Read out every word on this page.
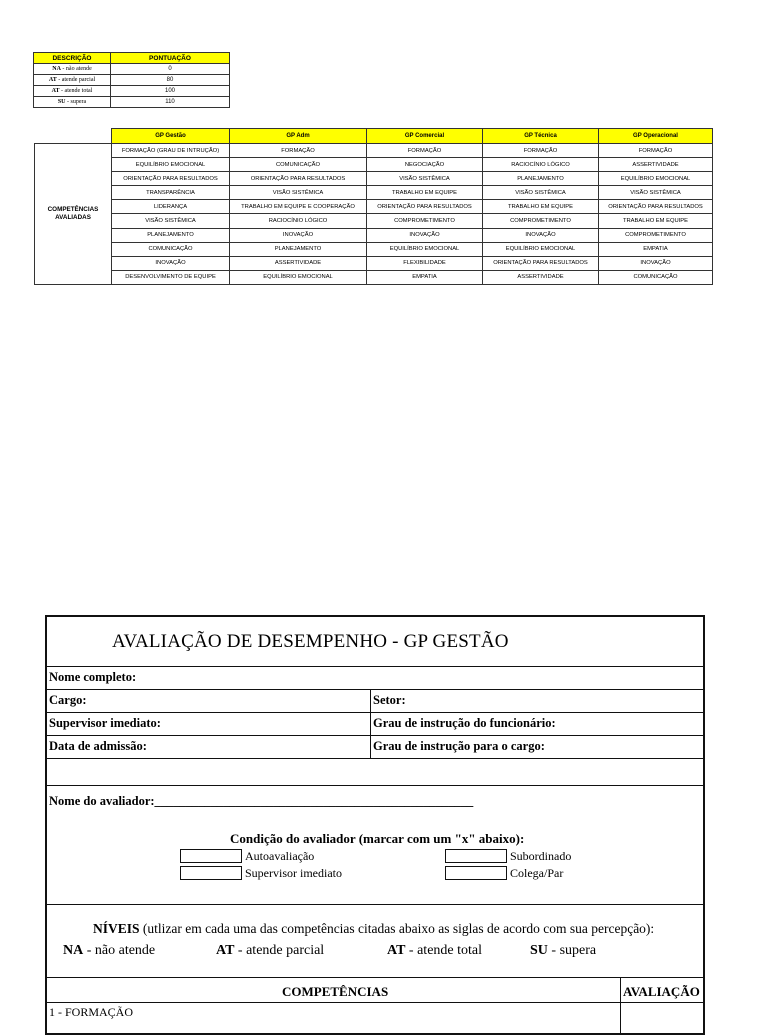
DESCRIÇÃO	PONTUAÇÃO
NA - não atende	0
AT - atende parcial	80
AT - atende total	100
SU - supera	110
	GP Gestão	GP Adm	GP Comercial	GP Técnica	GP Operacional
COMPETÊNCIAS AVALIADAS	FORMAÇÃO (GRAU DE INTRUÇÃO)	FORMAÇÃO	FORMAÇÃO	FORMAÇÃO	FORMAÇÃO
	EQUILÍBRIO EMOCIONAL	COMUNICAÇÃO	NEGOCIAÇÃO	RACIOCÍNIO LÓGICO	ASSERTIVIDADE
	ORIENTAÇÃO PARA RESULTADOS	ORIENTAÇÃO PARA RESULTADOS	VISÃO SISTÊMICA	PLANEJAMENTO	EQUILÍBRIO EMOCIONAL
	TRANSPARÊNCIA	VISÃO SISTÊMICA	TRABALHO EM EQUIPE	VISÃO SISTÊMICA	VISÃO SISTÊMICA
	LIDERANÇA	TRABALHO EM EQUIPE E COOPERAÇÃO	ORIENTAÇÃO PARA RESULTADOS	TRABALHO EM EQUIPE	ORIENTAÇÃO PARA RESULTADOS
	VISÃO SISTÊMICA	RACIOCÍNIO LÓGICO	COMPROMETIMENTO	COMPROMETIMENTO	TRABALHO EM EQUIPE
	PLANEJAMENTO	INOVAÇÃO	INOVAÇÃO	INOVAÇÃO	COMPROMETIMENTO
	COMUNICAÇÃO	PLANEJAMENTO	EQUILÍBRIO EMOCIONAL	EQUILÍBRIO EMOCIONAL	EMPATIA
	INOVAÇÃO	ASSERTIVIDADE	FLEXIBILIDADE	ORIENTAÇÃO PARA RESULTADOS	INOVAÇÃO
	DESENVOLVIMENTO DE EQUIPE	EQUILÍBRIO EMOCIONAL	EMPATIA	ASSERTIVIDADE	COMUNICAÇÃO
AVALIAÇÃO DE DESEMPENHO - GP GESTÃO
Nome completo:
Cargo:	Setor:
Supervisor imediato:	Grau de instrução do funcionário:
Data de admissão:	Grau de instrução para o cargo:
Nome do avaliador:___________________________________________________
Condição do avaliador (marcar com um "x" abaixo):
Autoavaliação
Supervisor imediato
Subordinado
Colega/Par
NÍVEIS (utlizar em cada uma das competências citadas abaixo as siglas de acordo com sua percepção):
NA - não atende	AT - atende parcial	AT - atende total	SU - supera
COMPETÊNCIAS	AVALIAÇÃO
1 - FORMAÇÃO
